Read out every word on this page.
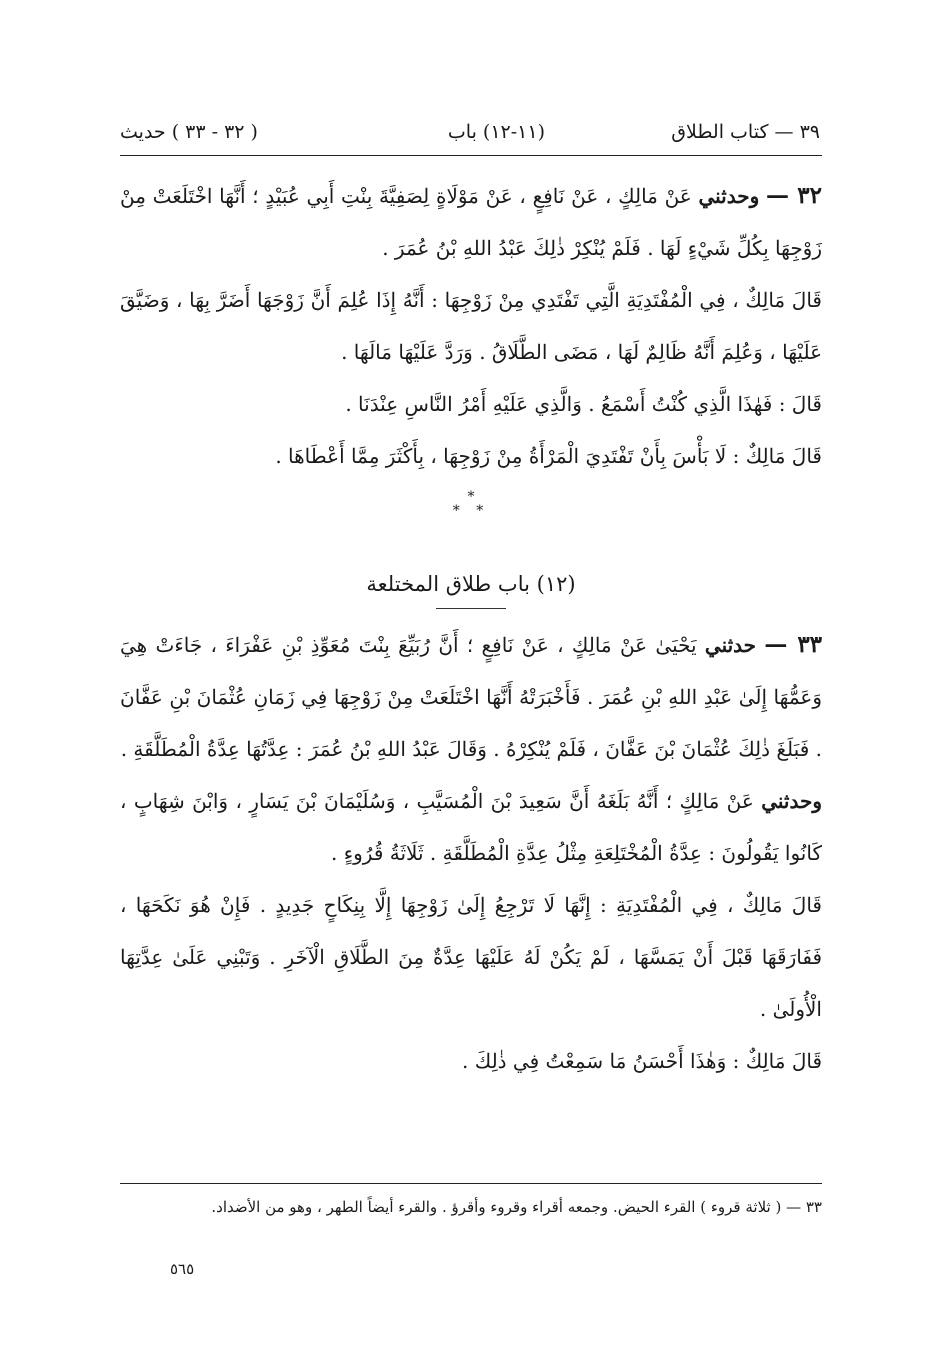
٣٩ — كتاب الطلاق
(١١-١٢) باب
( ٣٢ - ٣٣ ) حديث

٣٢ — وحدثني عَنْ مَالِكٍ ، عَنْ نَافِعٍ ، عَنْ مَوْلَاةٍ لِصَفِيَّةَ بِنْتِ أَبِي عُبَيْدٍ ؛ أَنَّهَا اخْتَلَعَتْ مِنْ زَوْجِهَا بِكُلِّ شَيْءٍ لَهَا . فَلَمْ يُنْكِرْ ذٰلِكَ عَبْدُ اللهِ بْنُ عُمَرَ .

قَالَ مَالِكٌ ، فِي الْمُفْتَدِيَةِ الَّتِي تَفْتَدِي مِنْ زَوْجِهَا : أَنَّهُ إِذَا عُلِمَ أَنَّ زَوْجَهَا أَضَرَّ بِهَا ، وَضَيَّقَ عَلَيْهَا ، وَعُلِمَ أَنَّهُ ظَالِمٌ لَهَا ، مَضَى الطَّلَاقُ . وَرَدَّ عَلَيْهَا مَالَهَا .

قَالَ : فَهٰذَا الَّذِي كُنْتُ أَسْمَعُ . وَالَّذِي عَلَيْهِ أَمْرُ النَّاسِ عِنْدَنَا .

قَالَ مَالِكٌ : لَا بَأْسَ بِأَنْ تَفْتَدِيَ الْمَرْأَةُ مِنْ زَوْجِهَا ، بِأَكْثَرَ مِمَّا أَعْطَاهَا .

*
* *
(١٢) باب طلاق المختلعة

٣٣ — حدثني يَحْيَىٰ عَنْ مَالِكٍ ، عَنْ نَافِعٍ ؛ أَنَّ رُبَيِّعَ بِنْتَ مُعَوِّذِ بْنِ عَفْرَاءَ ، جَاءَتْ هِيَ وَعَمُّهَا إِلَىٰ عَبْدِ اللهِ بْنِ عُمَرَ . فَأَخْبَرَتْهُ أَنَّهَا اخْتَلَعَتْ مِنْ زَوْجِهَا فِي زَمَانِ عُثْمَانَ بْنِ عَفَّانَ . فَبَلَغَ ذٰلِكَ عُثْمَانَ بْنَ عَفَّانَ ، فَلَمْ يُنْكِرْهُ . وَقَالَ عَبْدُ اللهِ بْنُ عُمَرَ : عِدَّتُهَا عِدَّةُ الْمُطَلَّقَةِ .

وحدثني عَنْ مَالِكٍ ؛ أَنَّهُ بَلَغَهُ أَنَّ سَعِيدَ بْنَ الْمُسَيَّبِ ، وَسُلَيْمَانَ بْنَ يَسَارٍ ، وَابْنَ شِهَابٍ ، كَانُوا يَقُولُونَ : عِدَّةُ الْمُخْتَلِعَةِ مِثْلُ عِدَّةِ الْمُطَلَّقَةِ . ثَلَاثَةُ قُرُوءٍ .

قَالَ مَالِكٌ ، فِي الْمُفْتَدِيَةِ : إِنَّهَا لَا تَرْجِعُ إِلَىٰ زَوْجِهَا إِلَّا بِنِكَاحٍ جَدِيدٍ . فَإِنْ هُوَ نَكَحَهَا ، فَفَارَقَهَا قَبْلَ أَنْ يَمَسَّهَا ، لَمْ يَكُنْ لَهُ عَلَيْهَا عِدَّةٌ مِنَ الطَّلَاقِ الْآخَرِ . وَتَبْنِي عَلَىٰ عِدَّتِهَا الْأُولَىٰ .

قَالَ مَالِكٌ : وَهٰذَا أَحْسَنُ مَا سَمِعْتُ فِي ذٰلِكَ .

٣٣ — ( ثلاثة قروء ) القرء الحيض. وجمعه أقراء وقروء وأقرؤ . والقرء أيضاً الطهر ، وهو من الأضداد.
٥٦٥
